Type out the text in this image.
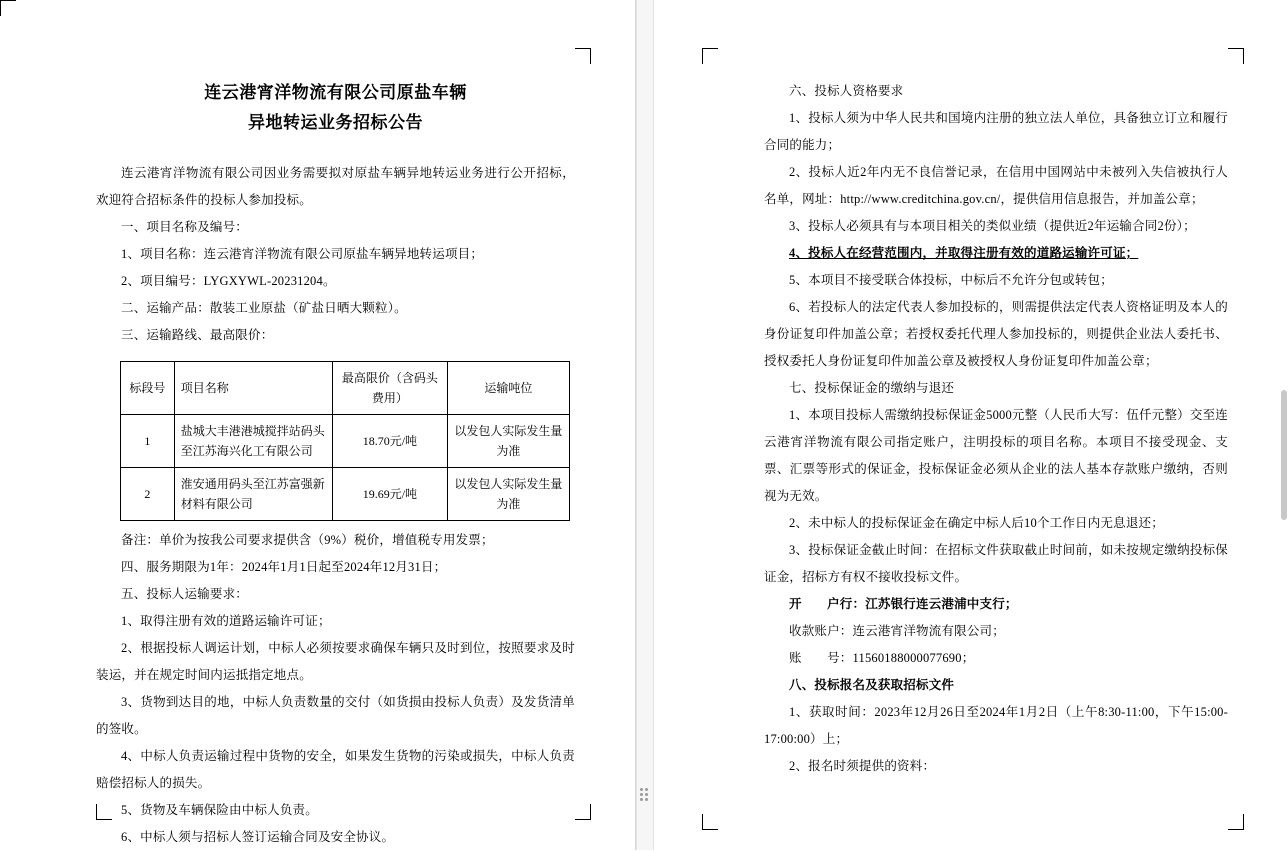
连云港宵洋物流有限公司原盐车辆
异地转运业务招标公告

连云港宵洋物流有限公司因业务需要拟对原盐车辆异地转运业务进行公开招标，欢迎符合招标条件的投标人参加投标。

一、项目名称及编号：

1、项目名称：连云港宵洋物流有限公司原盐车辆异地转运项目；

2、项目编号：LYGXYWL-20231204。

二、运输产品：散装工业原盐（矿盐日晒大颗粒）。

三、运输路线、最高限价：

标段号	项目名称	最高限价（含码头费用）	运输吨位
1	盐城大丰港港城搅拌站码头至江苏海兴化工有限公司	18.70元/吨	以发包人实际发生量为准
2	淮安通用码头至江苏富强新材料有限公司	19.69元/吨	以发包人实际发生量为准

备注：单价为按我公司要求提供含（9%）税价，增值税专用发票；

四、服务期限为1年：2024年1月1日起至2024年12月31日；

五、投标人运输要求：

1、取得注册有效的道路运输许可证；

2、根据投标人调运计划，中标人必须按要求确保车辆只及时到位，按照要求及时装运，并在规定时间内运抵指定地点。

3、货物到达目的地，中标人负责数量的交付（如货损由投标人负责）及发货清单的签收。

4、中标人负责运输过程中货物的安全，如果发生货物的污染或损失，中标人负责赔偿招标人的损失。

5、货物及车辆保险由中标人负责。

6、中标人须与招标人签订运输合同及安全协议。

六、投标人资格要求

1、投标人须为中华人民共和国境内注册的独立法人单位，具备独立订立和履行合同的能力；

2、投标人近2年内无不良信誉记录，在信用中国网站中未被列入失信被执行人名单，网址：http://www.creditchina.gov.cn/，提供信用信息报告，并加盖公章；

3、投标人必须具有与本项目相关的类似业绩（提供近2年运输合同2份）；

4、投标人在经营范围内，并取得注册有效的道路运输许可证；

5、本项目不接受联合体投标，中标后不允许分包或转包；

6、若投标人的法定代表人参加投标的，则需提供法定代表人资格证明及本人的身份证复印件加盖公章；若授权委托代理人参加投标的，则提供企业法人委托书、授权委托人身份证复印件加盖公章及被授权人身份证复印件加盖公章；

七、投标保证金的缴纳与退还

1、本项目投标人需缴纳投标保证金5000元整（人民币大写：伍仟元整）交至连云港宵洋物流有限公司指定账户，注明投标的项目名称。本项目不接受现金、支票、汇票等形式的保证金，投标保证金必须从企业的法人基本存款账户缴纳，否则视为无效。

2、未中标人的投标保证金在确定中标人后10个工作日内无息退还；

3、投标保证金截止时间：在招标文件获取截止时间前，如未按规定缴纳投标保证金，招标方有权不接收投标文件。

开　　户行：江苏银行连云港浦中支行；

收款账户：连云港宵洋物流有限公司；

账　　号：11560188000077690；

八、投标报名及获取招标文件

1、获取时间：2023年12月26日至2024年1月2日（上午8:30-11:00，下午15:00-17:00:00）上；

2、报名时须提供的资料：
